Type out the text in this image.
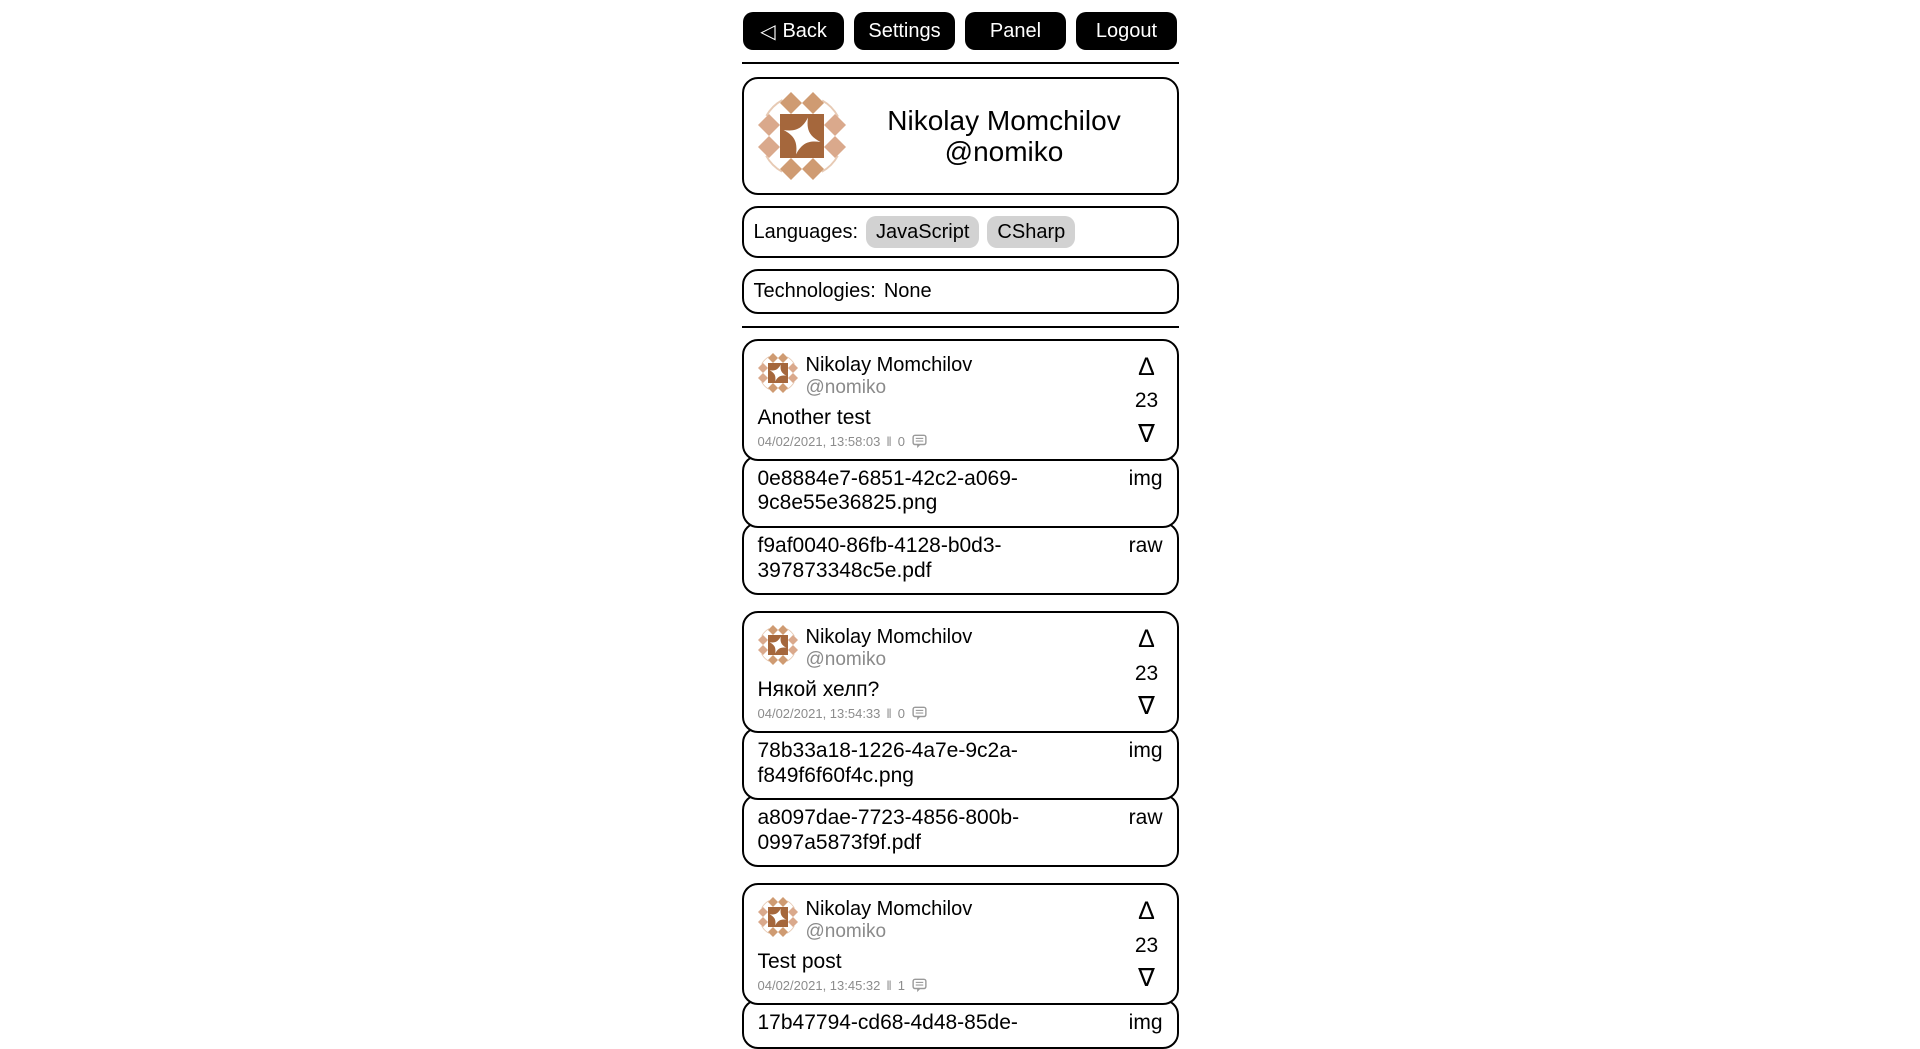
◁ Back Settings Panel	Logout
Nikolay Momchilov
@nomiko
Languages: JavaScript	CSharp
Technologies: None
Nikolay Momchilov
@nomiko
Another test
04/02/2021, 13:58:03 ‖ 0
Δ
23
∇
0e8884e7-6851-42c2-a069-9c8e55e36825.png
img
f9af0040-86fb-4128-b0d3-397873348c5e.pdf
raw
Nikolay Momchilov
@nomiko
Някой хелп?
04/02/2021, 13:54:33 ‖ 0
Δ
23
∇
78b33a18-1226-4a7e-9c2a-f849f6f60f4c.png
img
a8097dae-7723-4856-800b-0997a5873f9f.pdf
raw
Nikolay Momchilov
@nomiko
Test post
04/02/2021, 13:45:32 ‖ 1
Δ
23
∇
17b47794-cd68-4d48-85de-	img
